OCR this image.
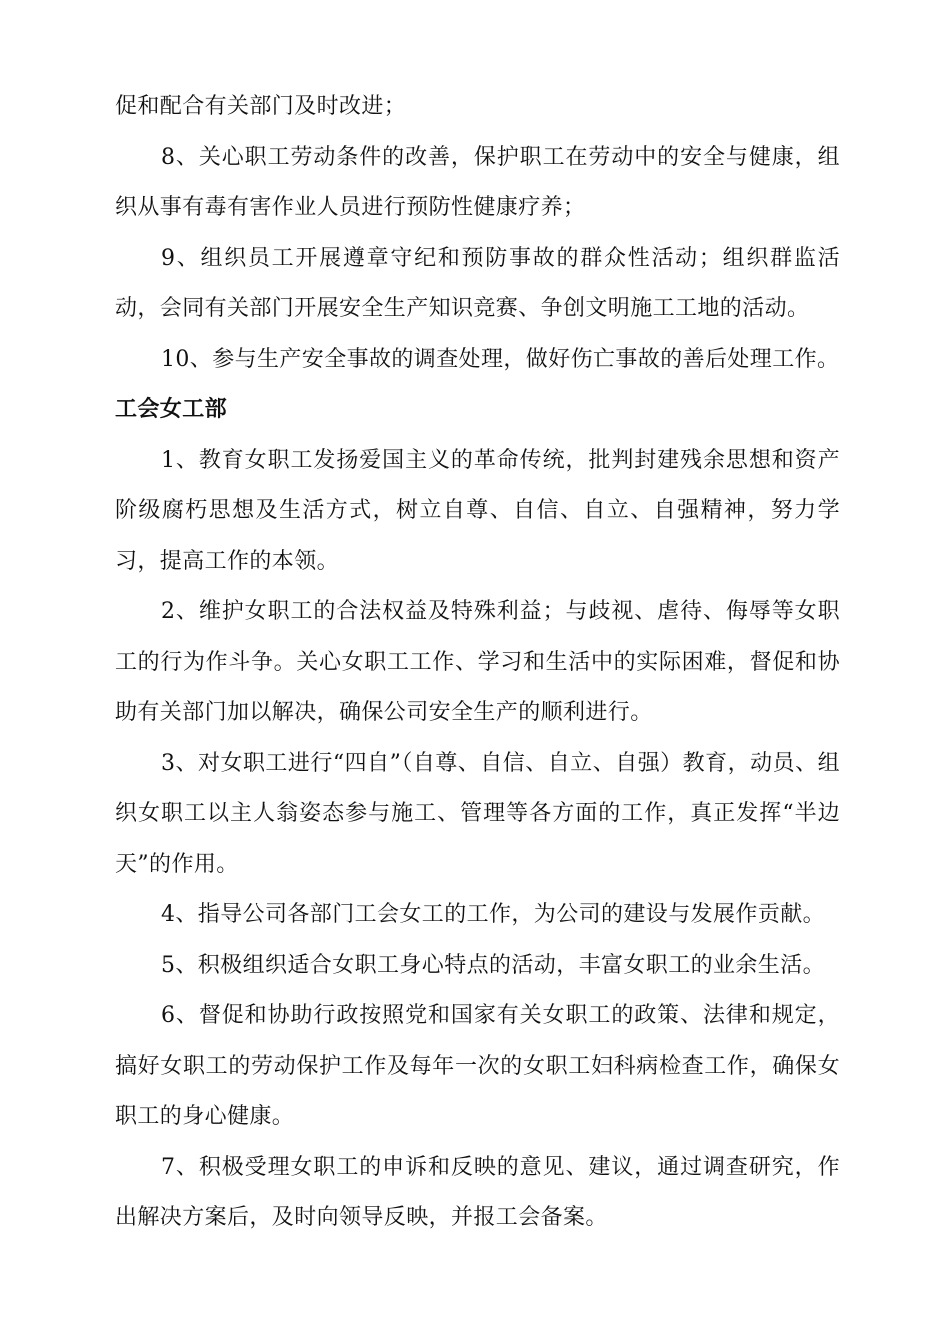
促和配合有关部门及时改进；

8、关心职工劳动条件的改善，保护职工在劳动中的安全与健康，组织从事有毒有害作业人员进行预防性健康疗养；

9、组织员工开展遵章守纪和预防事故的群众性活动；组织群监活动，会同有关部门开展安全生产知识竞赛、争创文明施工工地的活动。

10、参与生产安全事故的调查处理，做好伤亡事故的善后处理工作。

工会女工部

1、教育女职工发扬爱国主义的革命传统，批判封建残余思想和资产阶级腐朽思想及生活方式，树立自尊、自信、自立、自强精神，努力学习，提高工作的本领。

2、维护女职工的合法权益及特殊利益；与歧视、虐待、侮辱等女职工的行为作斗争。关心女职工工作、学习和生活中的实际困难，督促和协助有关部门加以解决，确保公司安全生产的顺利进行。

3、对女职工进行“四自”（自尊、自信、自立、自强）教育，动员、组织女职工以主人翁姿态参与施工、管理等各方面的工作，真正发挥“半边天”的作用。

4、指导公司各部门工会女工的工作，为公司的建设与发展作贡献。

5、积极组织适合女职工身心特点的活动，丰富女职工的业余生活。

6、督促和协助行政按照党和国家有关女职工的政策、法律和规定，搞好女职工的劳动保护工作及每年一次的女职工妇科病检查工作，确保女职工的身心健康。

7、积极受理女职工的申诉和反映的意见、建议，通过调查研究，作出解决方案后，及时向领导反映，并报工会备案。
